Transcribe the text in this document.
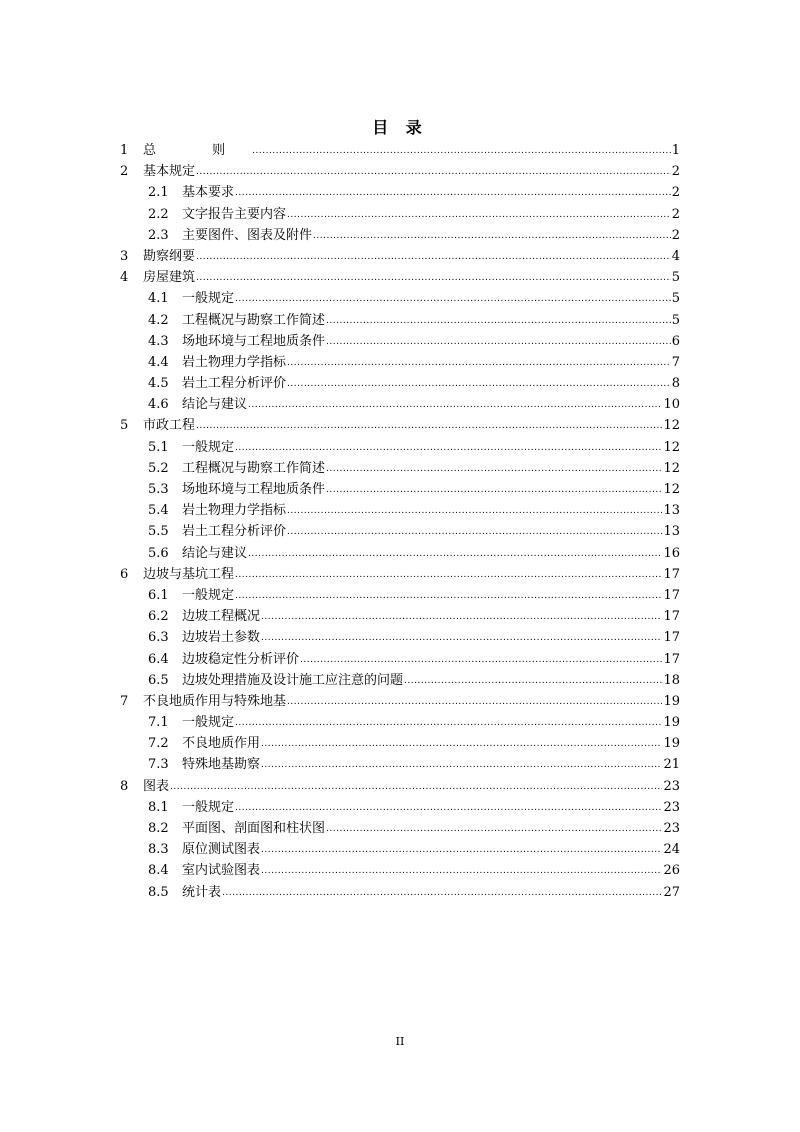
目 录
1	总 则 .....	1
2	基本规定 .....	2
2.1	基本要求 .....	2
2.2	文字报告主要内容 .....	2
2.3	主要图件、图表及附件 .....	2
3	勘察纲要 .....	4
4	房屋建筑 .....	5
4.1	一般规定 .....	5
4.2	工程概况与勘察工作简述 .....	5
4.3	场地环境与工程地质条件 .....	6
4.4	岩土物理力学指标 .....	7
4.5	岩土工程分析评价 .....	8
4.6	结论与建议 .....	10
5	市政工程 .....	12
5.1	一般规定 .....	12
5.2	工程概况与勘察工作简述 .....	12
5.3	场地环境与工程地质条件 .....	12
5.4	岩土物理力学指标 .....	13
5.5	岩土工程分析评价 .....	13
5.6	结论与建议 .....	16
6	边坡与基坑工程 .....	17
6.1	一般规定 .....	17
6.2	边坡工程概况 .....	17
6.3	边坡岩土参数 .....	17
6.4	边坡稳定性分析评价 .....	17
6.5	边坡处理措施及设计施工应注意的问题 .....	18
7	不良地质作用与特殊地基 .....	19
7.1	一般规定 .....	19
7.2	不良地质作用 .....	19
7.3	特殊地基勘察 .....	21
8	图表 .....	23
8.1	一般规定 .....	23
8.2	平面图、剖面图和柱状图 .....	23
8.3	原位测试图表 .....	24
8.4	室内试验图表 .....	26
8.5	统计表 .....	27
II
